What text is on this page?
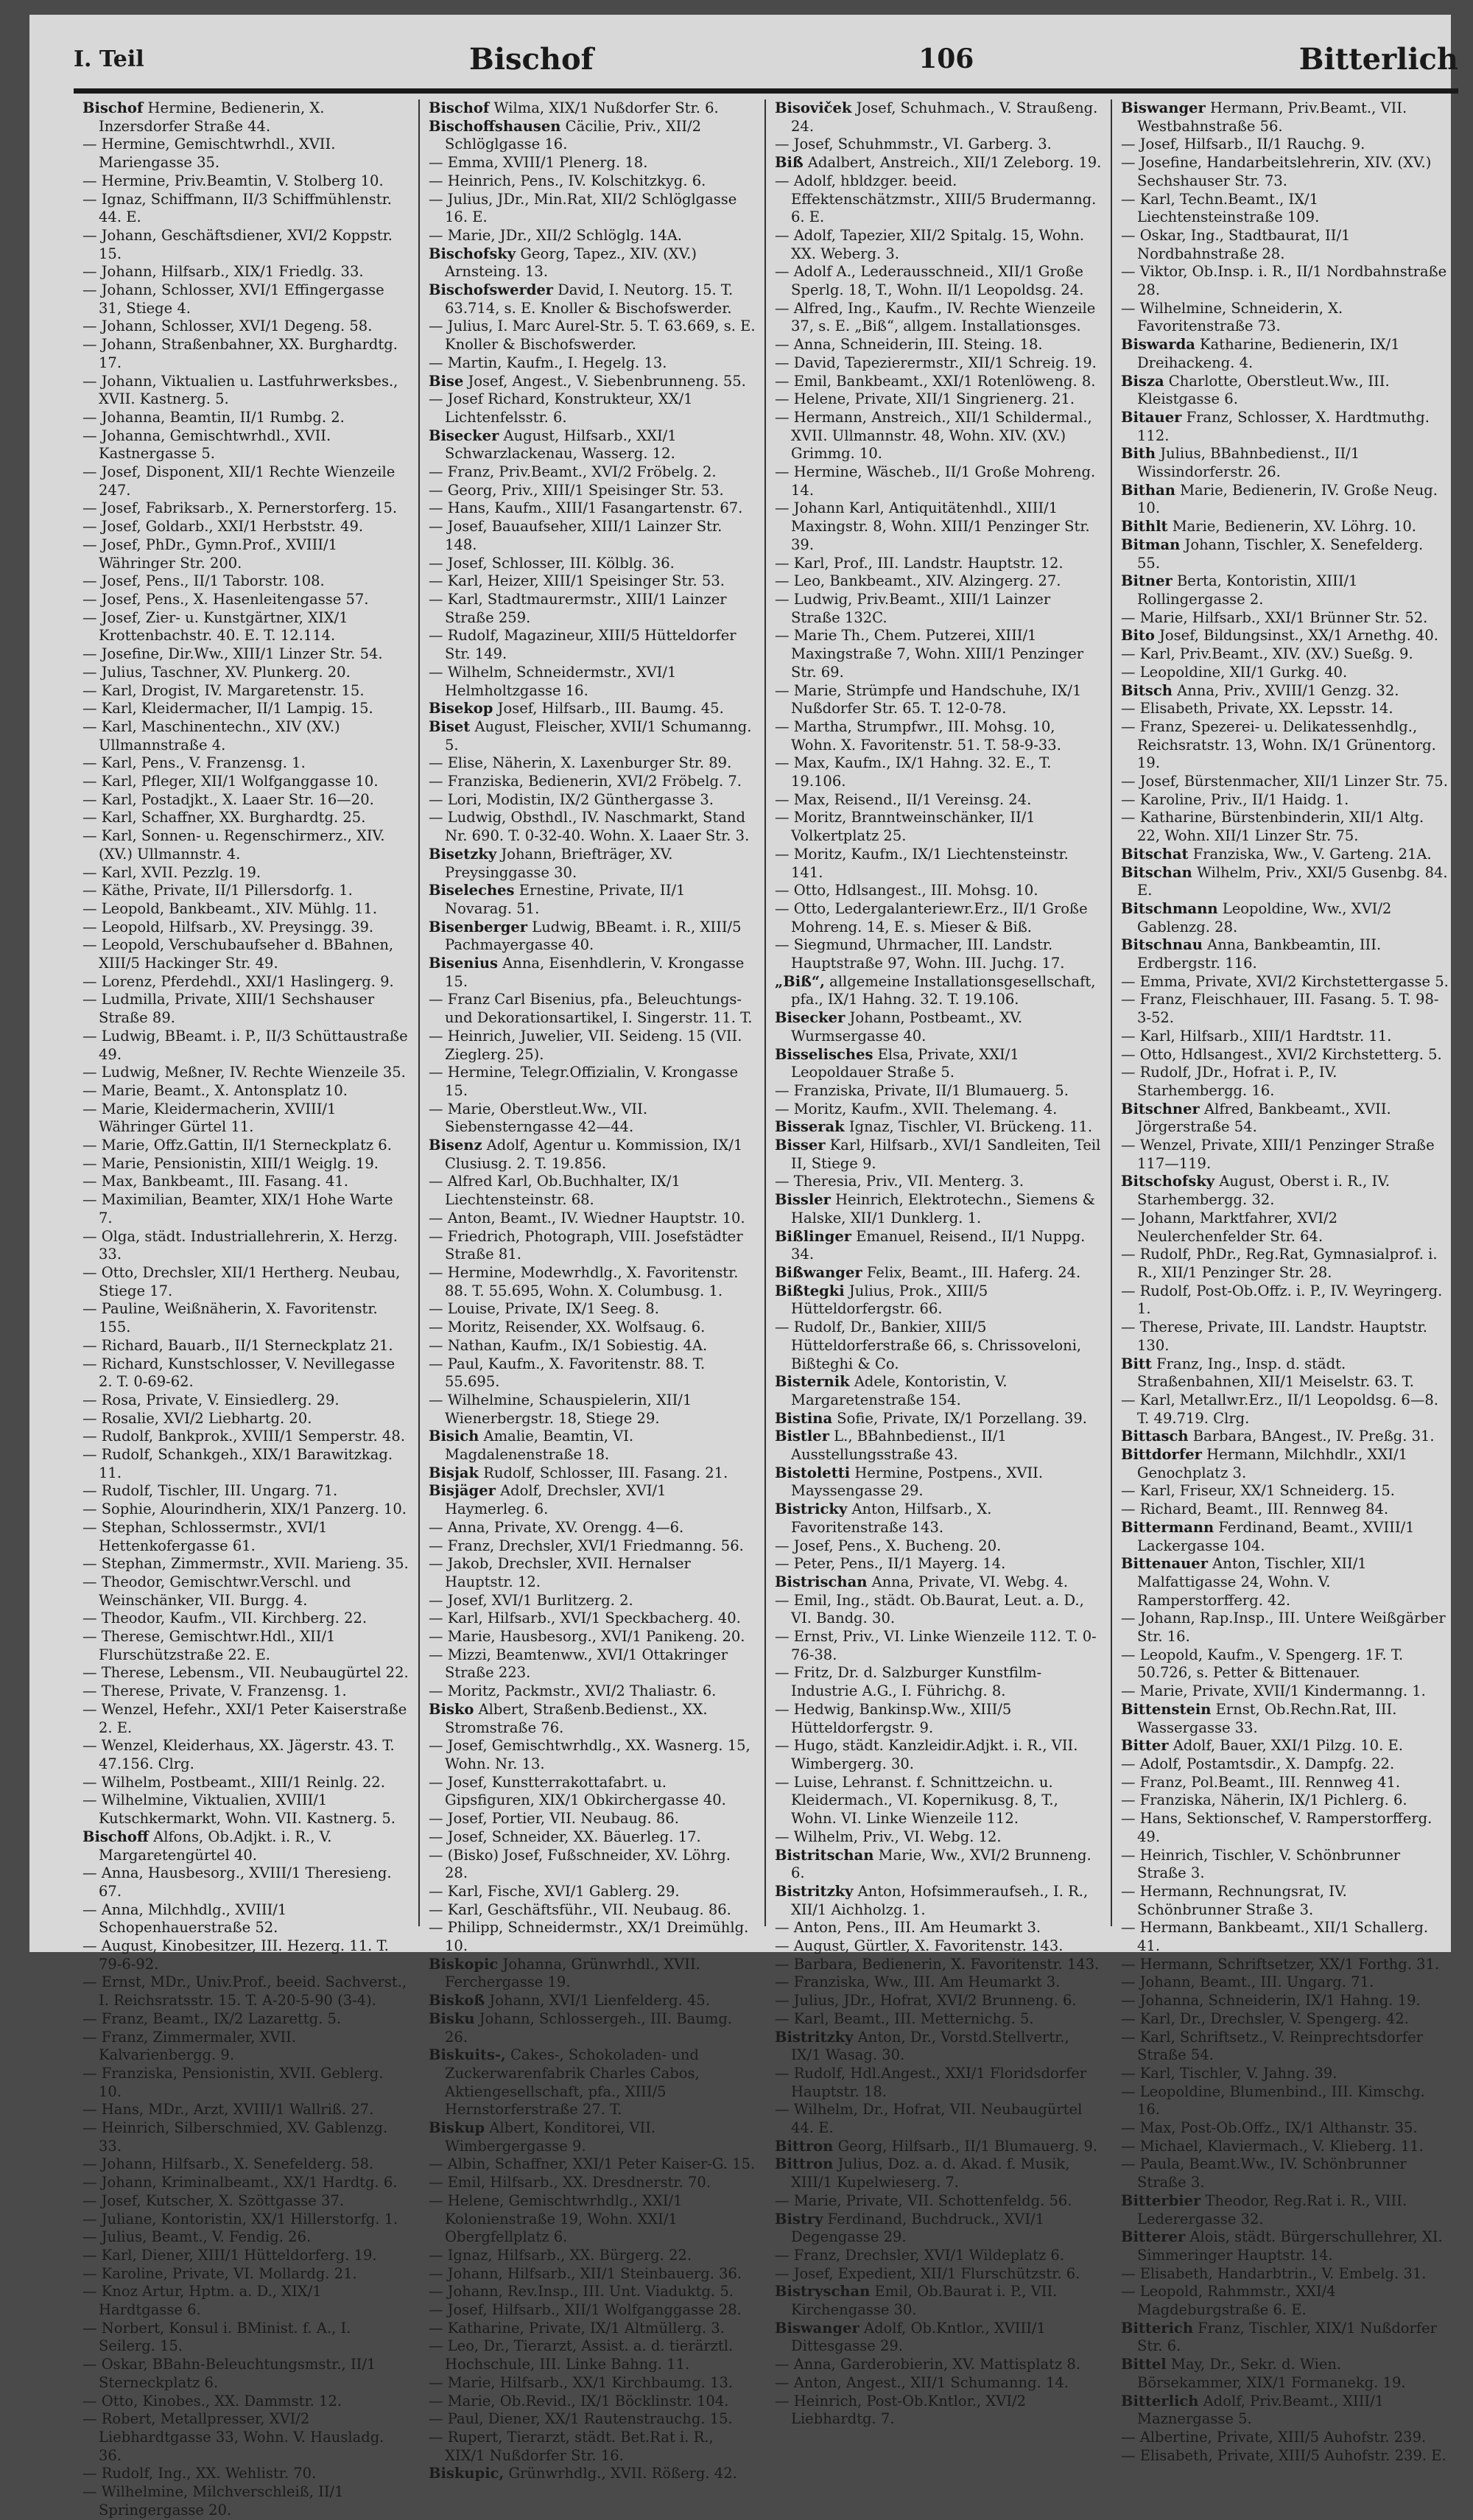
I. Teil	Bischof	106	Bitterlich
Bischof Hermine, Bedienerin, X. Inzersdorfer Straße 44.
— Hermine, Gemischtwrhdl., XVII. Mariengasse 35.
— Hermine, Priv.Beamtin, V. Stolberg 10.
— Ignaz, Schiffmann, II/3 Schiffmühlenstr. 44. E.
— Johann, Geschäftsdiener, XVI/2 Koppstr. 15.
— Johann, Hilfsarb., XIX/1 Friedlg. 33.
— Johann, Schlosser, XVI/1 Effingergasse 31, Stiege 4.
— Johann, Schlosser, XVI/1 Degeng. 58.
— Johann, Straßenbahner, XX. Burghardtg. 17.
— Johann, Viktualien u. Lastfuhrwerksbes., XVII. Kastnerg. 5.
— Johanna, Beamtin, II/1 Rumbg. 2.
— Johanna, Gemischtwrhdl., XVII. Kastnergasse 5.
— Josef, Disponent, XII/1 Rechte Wienzeile 247.
— Josef, Fabriksarb., X. Pernerstorferg. 15.
— Josef, Goldarb., XXI/1 Herbststr. 49.
— Josef, PhDr., Gymn.Prof., XVIII/1 Währinger Str. 200.
— Josef, Pens., II/1 Taborstr. 108.
— Josef, Pens., X. Hasenleitengasse 57.
— Josef, Zier- u. Kunstgärtner, XIX/1 Krottenbachstr. 40. E. T. 12.114.
— Josefine, Dir.Ww., XIII/1 Linzer Str. 54.
— Julius, Taschner, XV. Plunkerg. 20.
— Karl, Drogist, IV. Margaretenstr. 15.
— Karl, Kleidermacher, II/1 Lampig. 15.
— Karl, Maschinentechn., XIV (XV.) Ullmannstraße 4.
— Karl, Pens., V. Franzensg. 1.
— Karl, Pfleger, XII/1 Wolfganggasse 10.
— Karl, Postadjkt., X. Laaer Str. 16—20.
— Karl, Schaffner, XX. Burghardtg. 25.
— Karl, Sonnen- u. Regenschirmerz., XIV. (XV.) Ullmannstr. 4.
— Karl, XVII. Pezzlg. 19.
— Käthe, Private, II/1 Pillersdorfg. 1.
— Leopold, Bankbeamt., XIV. Mühlg. 11.
— Leopold, Hilfsarb., XV. Preysingg. 39.
— Leopold, Verschubaufseher d. BBahnen, XIII/5 Hackinger Str. 49.
— Lorenz, Pferdehdl., XXI/1 Haslingerg. 9.
— Ludmilla, Private, XIII/1 Sechshauser Straße 89.
— Ludwig, BBeamt. i. P., II/3 Schüttaustraße 49.
— Ludwig, Meßner, IV. Rechte Wienzeile 35.
— Marie, Beamt., X. Antonsplatz 10.
— Marie, Kleidermacherin, XVIII/1 Währinger Gürtel 11.
— Marie, Offz.Gattin, II/1 Sterneckplatz 6.
— Marie, Pensionistin, XIII/1 Weiglg. 19.
— Max, Bankbeamt., III. Fasang. 41.
— Maximilian, Beamter, XIX/1 Hohe Warte 7.
— Olga, städt. Industriallehrerin, X. Herzg. 33.
— Otto, Drechsler, XII/1 Hertherg. Neubau, Stiege 17.
— Pauline, Weißnäherin, X. Favoritenstr. 155.
— Richard, Bauarb., II/1 Sterneckplatz 21.
— Richard, Kunstschlosser, V. Nevillegasse 2. T. 0-69-62.
— Rosa, Private, V. Einsiedlerg. 29.
— Rosalie, XVI/2 Liebhartg. 20.
— Rudolf, Bankprok., XVIII/1 Semperstr. 48.
— Rudolf, Schankgeh., XIX/1 Barawitzkag. 11.
— Rudolf, Tischler, III. Ungarg. 71.
— Sophie, Alourindherin, XIX/1 Panzerg. 10.
— Stephan, Schlossermstr., XVI/1 Hettenkofergasse 61.
— Stephan, Zimmermstr., XVII. Marieng. 35.
— Theodor, Gemischtwr.Verschl. und Weinschänker, VII. Burgg. 4.
— Theodor, Kaufm., VII. Kirchberg. 22.
— Therese, Gemischtwr.Hdl., XII/1 Flurschützstraße 22. E.
— Therese, Lebensm., VII. Neubaugürtel 22.
— Therese, Private, V. Franzensg. 1.
— Wenzel, Hefehr., XXI/1 Peter Kaiserstraße 2. E.
— Wenzel, Kleiderhaus, XX. Jägerstr. 43. T. 47.156. Clrg.
— Wilhelm, Postbeamt., XIII/1 Reinlg. 22.
— Wilhelmine, Viktualien, XVIII/1 Kutschkermarkt, Wohn. VII. Kastnerg. 5.
Bischoff Alfons, Ob.Adjkt. i. R., V. Margaretengürtel 40.
— Anna, Hausbesorg., XVIII/1 Theresieng. 67.
— Anna, Milchhdlg., XVIII/1 Schopenhauerstraße 52.
— August, Kinobesitzer, III. Hezerg. 11. T. 79-6-92.
— Ernst, MDr., Univ.Prof., beeid. Sachverst., I. Reichsratsstr. 15. T. A-20-5-90 (3-4).
— Franz, Beamt., IX/2 Lazarettg. 5.
— Franz, Zimmermaler, XVII. Kalvarienbergg. 9.
— Franziska, Pensionistin, XVII. Geblerg. 10.
— Hans, MDr., Arzt, XVIII/1 Wallriß. 27.
— Heinrich, Silberschmied, XV. Gablenzg. 33.
— Johann, Hilfsarb., X. Senefelderg. 58.
— Johann, Kriminalbeamt., XX/1 Hardtg. 6.
— Josef, Kutscher, X. Szöttgasse 37.
— Juliane, Kontoristin, XX/1 Hillerstorfg. 1.
— Julius, Beamt., V. Fendig. 26.
— Karl, Diener, XIII/1 Hütteldorferg. 19.
— Karoline, Private, VI. Mollardg. 21.
— Knoz Artur, Hptm. a. D., XIX/1 Hardtgasse 6.
— Norbert, Konsul i. BMinist. f. A., I. Seilerg. 15.
— Oskar, BBahn-Beleuchtungsmstr., II/1 Sterneckplatz 6.
— Otto, Kinobes., XX. Dammstr. 12.
— Robert, Metallpresser, XVI/2 Liebhardtgasse 33, Wohn. V. Hausladg. 36.
— Rudolf, Ing., XX. Wehlistr. 70.
— Wilhelmine, Milchverschleiß, II/1 Springergasse 20.
Bischof Wilma, XIX/1 Nußdorfer Str. 6.
Bischoffshausen Cäcilie, Priv., XII/2 Schlöglgasse 16.
— Emma, XVIII/1 Plenerg. 18.
— Heinrich, Pens., IV. Kolschitzkyg. 6.
— Julius, JDr., Min.Rat, XII/2 Schlöglgasse 16. E.
— Marie, JDr., XII/2 Schlöglg. 14A.
Bischofsky Georg, Tapez., XIV. (XV.) Arnsteing. 13.
Bischofswerder David, I. Neutorg. 15. T. 63.714, s. E. Knoller & Bischofswerder.
— Julius, I. Marc Aurel-Str. 5. T. 63.669, s. E. Knoller & Bischofswerder.
— Martin, Kaufm., I. Hegelg. 13.
Bise Josef, Angest., V. Siebenbrunneng. 55.
— Josef Richard, Konstrukteur, XX/1 Lichtenfelsstr. 6.
Bisecker August, Hilfsarb., XXI/1 Schwarzlackenau, Wasserg. 12.
— Franz, Priv.Beamt., XVI/2 Fröbelg. 2.
— Georg, Priv., XIII/1 Speisinger Str. 53.
— Hans, Kaufm., XIII/1 Fasangartenstr. 67.
— Josef, Bauaufseher, XIII/1 Lainzer Str. 148.
— Josef, Schlosser, III. Kölblg. 36.
— Karl, Heizer, XIII/1 Speisinger Str. 53.
— Karl, Stadtmaurermstr., XIII/1 Lainzer Straße 259.
— Rudolf, Magazineur, XIII/5 Hütteldorfer Str. 149.
— Wilhelm, Schneidermstr., XVI/1 Helmholtzgasse 16.
Bisekop Josef, Hilfsarb., III. Baumg. 45.
Biset August, Fleischer, XVII/1 Schumanng. 5.
— Elise, Näherin, X. Laxenburger Str. 89.
— Franziska, Bedienerin, XVI/2 Fröbelg. 7.
— Lori, Modistin, IX/2 Günthergasse 3.
— Ludwig, Obsthdl., IV. Naschmarkt, Stand Nr. 690. T. 0-32-40. Wohn. X. Laaer Str. 3.
Bisetzky Johann, Briefträger, XV. Preysinggasse 30.
Biseleches Ernestine, Private, II/1 Novarag. 51.
Bisenberger Ludwig, BBeamt. i. R., XIII/5 Pachmayergasse 40.
Bisenius Anna, Eisenhdlerin, V. Krongasse 15.
— Franz Carl Bisenius, pfa., Beleuchtungs- und Dekorationsartikel, I. Singerstr. 11. T.
— Heinrich, Juwelier, VII. Seideng. 15 (VII. Zieglerg. 25).
— Hermine, Telegr.Offizialin, V. Krongasse 15.
— Marie, Oberstleut.Ww., VII. Siebensterngasse 42—44.
Bisenz Adolf, Agentur u. Kommission, IX/1 Clusiusg. 2. T. 19.856.
— Alfred Karl, Ob.Buchhalter, IX/1 Liechtensteinstr. 68.
— Anton, Beamt., IV. Wiedner Hauptstr. 10.
— Friedrich, Photograph, VIII. Josefstädter Straße 81.
— Hermine, Modewrhdlg., X. Favoritenstr. 88. T. 55.695, Wohn. X. Columbusg. 1.
— Louise, Private, IX/1 Seeg. 8.
— Moritz, Reisender, XX. Wolfsaug. 6.
— Nathan, Kaufm., IX/1 Sobiestig. 4A.
— Paul, Kaufm., X. Favoritenstr. 88. T. 55.695.
— Wilhelmine, Schauspielerin, XII/1 Wienerbergstr. 18, Stiege 29.
Bisich Amalie, Beamtin, VI. Magdalenenstraße 18.
Bisjak Rudolf, Schlosser, III. Fasang. 21.
Bisjäger Adolf, Drechsler, XVI/1 Haymerleg. 6.
— Anna, Private, XV. Orengg. 4—6.
— Franz, Drechsler, XVI/1 Friedmanng. 56.
— Jakob, Drechsler, XVII. Hernalser Hauptstr. 12.
— Josef, XVI/1 Burlitzerg. 2.
— Karl, Hilfsarb., XVI/1 Speckbacherg. 40.
— Marie, Hausbesorg., XVI/1 Panikeng. 20.
— Mizzi, Beamtenww., XVI/1 Ottakringer Straße 223.
— Moritz, Packmstr., XVI/2 Thaliastr. 6.
Bisko Albert, Straßenb.Bedienst., XX. Stromstraße 76.
— Josef, Gemischtwrhdlg., XX. Wasnerg. 15, Wohn. Nr. 13.
— Josef, Kunstterrakottafabrt. u. Gipsfiguren, XIX/1 Obkirchergasse 40.
— Josef, Portier, VII. Neubaug. 86.
— Josef, Schneider, XX. Bäuerleg. 17.
— (Bisko) Josef, Fußschneider, XV. Löhrg. 28.
— Karl, Fische, XVI/1 Gablerg. 29.
— Karl, Geschäftsführ., VII. Neubaug. 86.
— Philipp, Schneidermstr., XX/1 Dreimühlg. 10.
Biskopic Johanna, Grünwrhdl., XVII. Ferchergasse 19.
Biskoß Johann, XVI/1 Lienfelderg. 45.
Bisku Johann, Schlossergeh., III. Baumg. 26.
Biskuits-, Cakes-, Schokoladen- und Zuckerwarenfabrik Charles Cabos, Aktiengesellschaft, pfa., XIII/5 Hernstorferstraße 27. T.
Biskup Albert, Konditorei, VII. Wimbergergasse 9.
— Albin, Schaffner, XXI/1 Peter Kaiser-G. 15.
— Emil, Hilfsarb., XX. Dresdnerstr. 70.
— Helene, Gemischtwrhdlg., XXI/1 Kolonienstraße 19, Wohn. XXI/1 Obergfellplatz 6.
— Ignaz, Hilfsarb., XX. Bürgerg. 22.
— Johann, Hilfsarb., XII/1 Steinbauerg. 36.
— Johann, Rev.Insp., III. Unt. Viaduktg. 5.
— Josef, Hilfsarb., XII/1 Wolfganggasse 28.
— Katharine, Private, IX/1 Altmüllerg. 3.
— Leo, Dr., Tierarzt, Assist. a. d. tierärztl. Hochschule, III. Linke Bahng. 11.
— Marie, Hilfsarb., XX/1 Kirchbaumg. 13.
— Marie, Ob.Revid., IX/1 Böcklinstr. 104.
— Paul, Diener, XX/1 Rautenstrauchg. 15.
— Rupert, Tierarzt, städt. Bet.Rat i. R., XIX/1 Nußdorfer Str. 16.
Biskupic, Grünwrhdlg., XVII. Rößerg. 42.
Bisoviček Josef, Schuhmach., V. Straußeng. 24.
— Josef, Schuhmmstr., VI. Garberg. 3.
Biß Adalbert, Anstreich., XII/1 Zeleborg. 19.
— Adolf, hbldzger. beeid. Effektenschätzmstr., XIII/5 Brudermanng. 6. E.
— Adolf, Tapezier, XII/2 Spitalg. 15, Wohn. XX. Weberg. 3.
— Adolf A., Lederausschneid., XII/1 Große Sperlg. 18, T., Wohn. II/1 Leopoldsg. 24.
— Alfred, Ing., Kaufm., IV. Rechte Wienzeile 37, s. E. „Biß“, allgem. Installationsges.
— Anna, Schneiderin, III. Steing. 18.
— David, Tapezierermstr., XII/1 Schreig. 19.
— Emil, Bankbeamt., XXI/1 Rotenlöweng. 8.
— Helene, Private, XII/1 Singrienerg. 21.
— Hermann, Anstreich., XII/1 Schildermal., XVII. Ullmannstr. 48, Wohn. XIV. (XV.) Grimmg. 10.
— Hermine, Wäscheb., II/1 Große Mohreng. 14.
— Johann Karl, Antiquitätenhdl., XIII/1 Maxingstr. 8, Wohn. XIII/1 Penzinger Str. 39.
— Karl, Prof., III. Landstr. Hauptstr. 12.
— Leo, Bankbeamt., XIV. Alzingerg. 27.
— Ludwig, Priv.Beamt., XIII/1 Lainzer Straße 132C.
— Marie Th., Chem. Putzerei, XIII/1 Maxingstraße 7, Wohn. XIII/1 Penzinger Str. 69.
— Marie, Strümpfe und Handschuhe, IX/1 Nußdorfer Str. 65. T. 12-0-78.
— Martha, Strumpfwr., III. Mohsg. 10, Wohn. X. Favoritenstr. 51. T. 58-9-33.
— Max, Kaufm., IX/1 Hahng. 32. E., T. 19.106.
— Max, Reisend., II/1 Vereinsg. 24.
— Moritz, Branntweinschänker, II/1 Volkertplatz 25.
— Moritz, Kaufm., IX/1 Liechtensteinstr. 141.
— Otto, Hdlsangest., III. Mohsg. 10.
— Otto, Ledergalanteriewr.Erz., II/1 Große Mohreng. 14, E. s. Mieser & Biß.
— Siegmund, Uhrmacher, III. Landstr. Hauptstraße 97, Wohn. III. Juchg. 17.
„Biß“, allgemeine Installationsgesellschaft, pfa., IX/1 Hahng. 32. T. 19.106.
Bisecker Johann, Postbeamt., XV. Wurmsergasse 40.
Bisselisches Elsa, Private, XXI/1 Leopoldauer Straße 5.
— Franziska, Private, II/1 Blumauerg. 5.
— Moritz, Kaufm., XVII. Thelemang. 4.
Bisserak Ignaz, Tischler, VI. Brückeng. 11.
Bisser Karl, Hilfsarb., XVI/1 Sandleiten, Teil II, Stiege 9.
— Theresia, Priv., VII. Menterg. 3.
Bissler Heinrich, Elektrotechn., Siemens & Halske, XII/1 Dunklerg. 1.
Bißlinger Emanuel, Reisend., II/1 Nuppg. 34.
Bißwanger Felix, Beamt., III. Haferg. 24.
Bißtegki Julius, Prok., XIII/5 Hütteldorfergstr. 66.
— Rudolf, Dr., Bankier, XIII/5 Hütteldorferstraße 66, s. Chrissoveloni, Bißteghi & Co.
Bisternik Adele, Kontoristin, V. Margaretenstraße 154.
Bistina Sofie, Private, IX/1 Porzellang. 39.
Bistler L., BBahnbedienst., II/1 Ausstellungsstraße 43.
Bistoletti Hermine, Postpens., XVII. Mayssengasse 29.
Bistricky Anton, Hilfsarb., X. Favoritenstraße 143.
— Josef, Pens., X. Bucheng. 20.
— Peter, Pens., II/1 Mayerg. 14.
Bistrischan Anna, Private, VI. Webg. 4.
— Emil, Ing., städt. Ob.Baurat, Leut. a. D., VI. Bandg. 30.
— Ernst, Priv., VI. Linke Wienzeile 112. T. 0-76-38.
— Fritz, Dr. d. Salzburger Kunstfilm-Industrie A.G., I. Führichg. 8.
— Hedwig, Bankinsp.Ww., XIII/5 Hütteldorfergstr. 9.
— Hugo, städt. Kanzleidir.Adjkt. i. R., VII. Wimbergerg. 30.
— Luise, Lehranst. f. Schnittzeichn. u. Kleidermach., VI. Kopernikusg. 8, T., Wohn. VI. Linke Wienzeile 112.
— Wilhelm, Priv., VI. Webg. 12.
Bistritschan Marie, Ww., XVI/2 Brunneng. 6.
Bistritzky Anton, Hofsimmeraufseh., I. R., XII/1 Aichholzg. 1.
— Anton, Pens., III. Am Heumarkt 3.
— August, Gürtler, X. Favoritenstr. 143.
— Barbara, Bedienerin, X. Favoritenstr. 143.
— Franziska, Ww., III. Am Heumarkt 3.
— Julius, JDr., Hofrat, XVI/2 Brunneng. 6.
— Karl, Beamt., III. Metternichg. 5.
Bistritzky Anton, Dr., Vorstd.Stellvertr., IX/1 Wasag. 30.
— Rudolf, Hdl.Angest., XXI/1 Floridsdorfer Hauptstr. 18.
— Wilhelm, Dr., Hofrat, VII. Neubaugürtel 44. E.
Bittron Georg, Hilfsarb., II/1 Blumauerg. 9.
Bittron Julius, Doz. a. d. Akad. f. Musik, XIII/1 Kupelwieserg. 7.
— Marie, Private, VII. Schottenfeldg. 56.
Bistry Ferdinand, Buchdruck., XVI/1 Degengasse 29.
— Franz, Drechsler, XVI/1 Wildeplatz 6.
— Josef, Expedient, XII/1 Flurschützstr. 6.
Bistryschan Emil, Ob.Baurat i. P., VII. Kirchengasse 30.
Biswanger Adolf, Ob.Kntlor., XVIII/1 Dittesgasse 29.
— Anna, Garderobierin, XV. Mattisplatz 8.
— Anton, Angest., XII/1 Schumanng. 14.
— Heinrich, Post-Ob.Kntlor., XVI/2 Liebhardtg. 7.
Biswanger Hermann, Priv.Beamt., VII. Westbahnstraße 56.
— Josef, Hilfsarb., II/1 Rauchg. 9.
— Josefine, Handarbeitslehrerin, XIV. (XV.) Sechshauser Str. 73.
— Karl, Techn.Beamt., IX/1 Liechtensteinstraße 109.
— Oskar, Ing., Stadtbaurat, II/1 Nordbahnstraße 28.
— Viktor, Ob.Insp. i. R., II/1 Nordbahnstraße 28.
— Wilhelmine, Schneiderin, X. Favoritenstraße 73.
Biswarda Katharine, Bedienerin, IX/1 Dreihackeng. 4.
Bisza Charlotte, Oberstleut.Ww., III. Kleistgasse 6.
Bitauer Franz, Schlosser, X. Hardtmuthg. 112.
Bith Julius, BBahnbedienst., II/1 Wissindorferstr. 26.
Bithan Marie, Bedienerin, IV. Große Neug. 10.
Bithlt Marie, Bedienerin, XV. Löhrg. 10.
Bitman Johann, Tischler, X. Senefelderg. 55.
Bitner Berta, Kontoristin, XIII/1 Rollingergasse 2.
— Marie, Hilfsarb., XXI/1 Brünner Str. 52.
Bito Josef, Bildungsinst., XX/1 Arnethg. 40.
— Karl, Priv.Beamt., XIV. (XV.) Sueßg. 9.
— Leopoldine, XII/1 Gurkg. 40.
Bitsch Anna, Priv., XVIII/1 Genzg. 32.
— Elisabeth, Private, XX. Lepsstr. 14.
— Franz, Spezerei- u. Delikatessenhdlg., Reichsratstr. 13, Wohn. IX/1 Grünentorg. 19.
— Josef, Bürstenmacher, XII/1 Linzer Str. 75.
— Karoline, Priv., II/1 Haidg. 1.
— Katharine, Bürstenbinderin, XII/1 Altg. 22, Wohn. XII/1 Linzer Str. 75.
Bitschat Franziska, Ww., V. Garteng. 21A.
Bitschan Wilhelm, Priv., XXI/5 Gusenbg. 84. E.
Bitschmann Leopoldine, Ww., XVI/2 Gablenzg. 28.
Bitschnau Anna, Bankbeamtin, III. Erdbergstr. 116.
— Emma, Private, XVI/2 Kirchstettergasse 5.
— Franz, Fleischhauer, III. Fasang. 5. T. 98-3-52.
— Karl, Hilfsarb., XIII/1 Hardtstr. 11.
— Otto, Hdlsangest., XVI/2 Kirchstetterg. 5.
— Rudolf, JDr., Hofrat i. P., IV. Starhembergg. 16.
Bitschner Alfred, Bankbeamt., XVII. Jörgerstraße 54.
— Wenzel, Private, XIII/1 Penzinger Straße 117—119.
Bitschofsky August, Oberst i. R., IV. Starhembergg. 32.
— Johann, Marktfahrer, XVI/2 Neulerchenfelder Str. 64.
— Rudolf, PhDr., Reg.Rat, Gymnasialprof. i. R., XII/1 Penzinger Str. 28.
— Rudolf, Post-Ob.Offz. i. P., IV. Weyringerg. 1.
— Therese, Private, III. Landstr. Hauptstr. 130.
Bitt Franz, Ing., Insp. d. städt. Straßenbahnen, XII/1 Meiselstr. 63. T.
— Karl, Metallwr.Erz., II/1 Leopoldsg. 6—8. T. 49.719. Clrg.
Bittasch Barbara, BAngest., IV. Preßg. 31.
Bittdorfer Hermann, Milchhdlr., XXI/1 Genochplatz 3.
— Karl, Friseur, XX/1 Schneiderg. 15.
— Richard, Beamt., III. Rennweg 84.
Bittermann Ferdinand, Beamt., XVIII/1 Lackergasse 104.
Bittenauer Anton, Tischler, XII/1 Malfattigasse 24, Wohn. V. Ramperstorfferg. 42.
— Johann, Rap.Insp., III. Untere Weißgärber Str. 16.
— Leopold, Kaufm., V. Spengerg. 1F. T. 50.726, s. Petter & Bittenauer.
— Marie, Private, XVII/1 Kindermanng. 1.
Bittenstein Ernst, Ob.Rechn.Rat, III. Wassergasse 33.
Bitter Adolf, Bauer, XXI/1 Pilzg. 10. E.
— Adolf, Postamtsdir., X. Dampfg. 22.
— Franz, Pol.Beamt., III. Rennweg 41.
— Franziska, Näherin, IX/1 Pichlerg. 6.
— Hans, Sektionschef, V. Ramperstorfferg. 49.
— Heinrich, Tischler, V. Schönbrunner Straße 3.
— Hermann, Rechnungsrat, IV. Schönbrunner Straße 3.
— Hermann, Bankbeamt., XII/1 Schallerg. 41.
— Hermann, Schriftsetzer, XX/1 Forthg. 31.
— Johann, Beamt., III. Ungarg. 71.
— Johanna, Schneiderin, IX/1 Hahng. 19.
— Karl, Dr., Drechsler, V. Spengerg. 42.
— Karl, Schriftsetz., V. Reinprechtsdorfer Straße 54.
— Karl, Tischler, V. Jahng. 39.
— Leopoldine, Blumenbind., III. Kimschg. 16.
— Max, Post-Ob.Offz., IX/1 Althanstr. 35.
— Michael, Klaviermach., V. Klieberg. 11.
— Paula, Beamt.Ww., IV. Schönbrunner Straße 3.
Bitterbier Theodor, Reg.Rat i. R., VIII. Lederergasse 32.
Bitterer Alois, städt. Bürgerschullehrer, XI. Simmeringer Hauptstr. 14.
— Elisabeth, Handarbtrin., V. Embelg. 31.
— Leopold, Rahmmstr., XXI/4 Magdeburgstraße 6. E.
Bitterich Franz, Tischler, XIX/1 Nußdorfer Str. 6.
Bittel May, Dr., Sekr. d. Wien. Börsekammer, XIX/1 Formanekg. 19.
Bitterlich Adolf, Priv.Beamt., XIII/1 Maznergasse 5.
— Albertine, Private, XIII/5 Auhofstr. 239.
— Elisabeth, Private, XIII/5 Auhofstr. 239. E.
